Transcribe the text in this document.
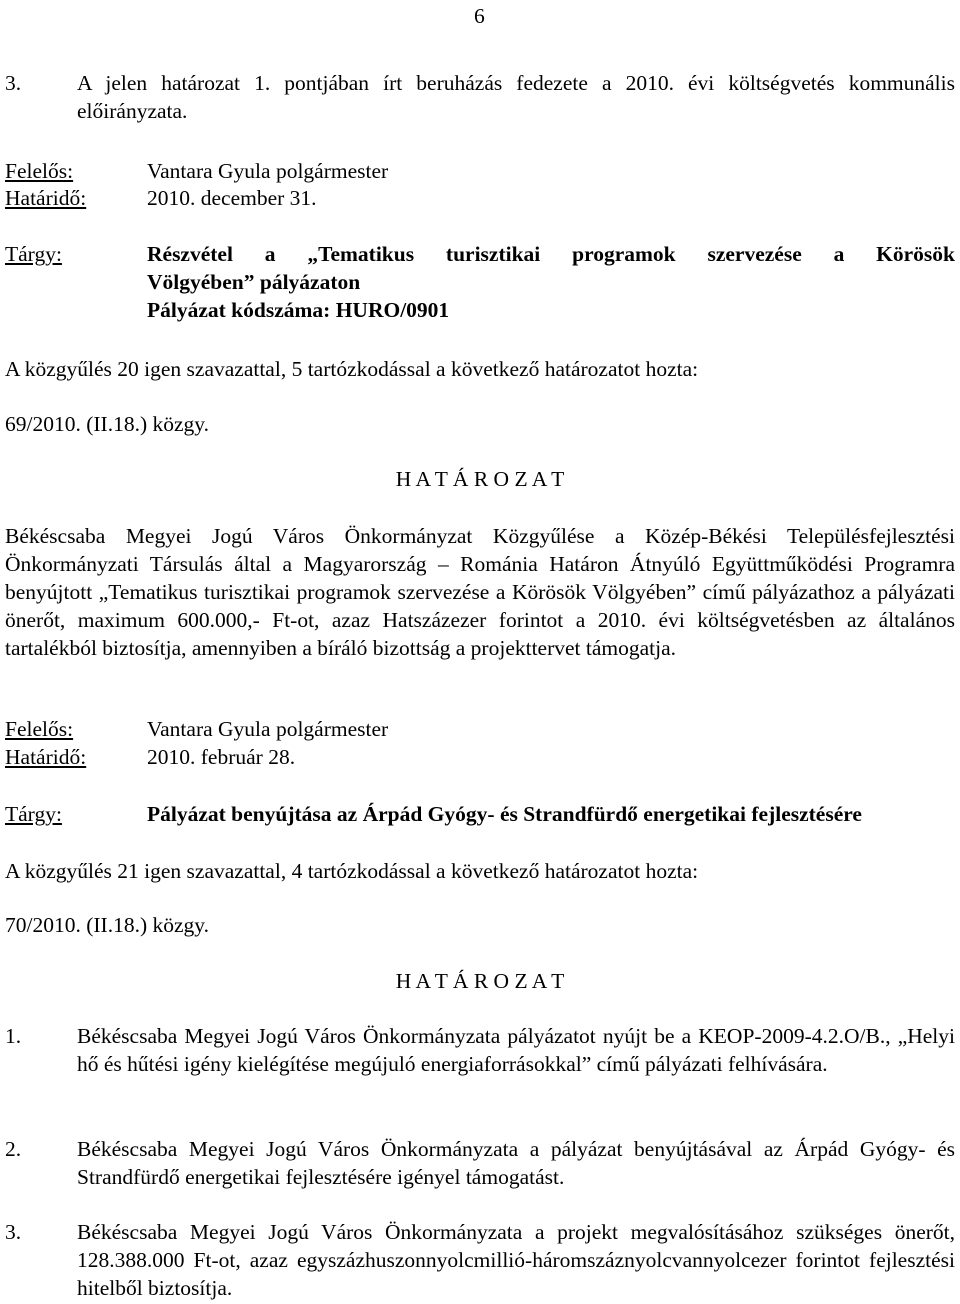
6
3.	A jelen határozat 1. pontjában írt beruházás fedezete a 2010. évi költségvetés kommunális előirányzata.
Felelős:	Vantara Gyula polgármester
Határidő:	2010. december 31.
Tárgy:	Részvétel a „Tematikus turisztikai programok szervezése a Körösök
Völgyében” pályázaton
Pályázat kódszáma: HURO/0901
A közgyűlés 20 igen szavazattal, 5 tartózkodással a következő határozatot hozta:
69/2010. (II.18.) közgy.
H A T Á R O Z A T
Békéscsaba Megyei Jogú Város Önkormányzat Közgyűlése a Közép-Békési Településfejlesztési Önkormányzati Társulás által a Magyarország – Románia Határon Átnyúló Együttműködési Programra benyújtott „Tematikus turisztikai programok szervezése a Körösök Völgyében” című pályázathoz a pályázati önerőt, maximum 600.000,- Ft-ot, azaz Hatszázezer forintot a 2010. évi költségvetésben az általános tartalékból biztosítja, amennyiben a bíráló bizottság a projekttervet támogatja.
Felelős:	Vantara Gyula polgármester
Határidő:	2010. február 28.
Tárgy:	Pályázat benyújtása az Árpád Gyógy- és Strandfürdő energetikai fejlesztésére
A közgyűlés 21 igen szavazattal, 4 tartózkodással a következő határozatot hozta:
70/2010. (II.18.) közgy.
H A T Á R O Z A T
1.	Békéscsaba Megyei Jogú Város Önkormányzata pályázatot nyújt be a KEOP-2009-4.2.O/B., „Helyi hő és hűtési igény kielégítése megújuló energiaforrásokkal” című pályázati felhívására.
2.	Békéscsaba Megyei Jogú Város Önkormányzata a pályázat benyújtásával az Árpád Gyógy- és Strandfürdő energetikai fejlesztésére igényel támogatást.
3.	Békéscsaba Megyei Jogú Város Önkormányzata a projekt megvalósításához szükséges önerőt, 128.388.000 Ft-ot, azaz egyszázhuszonnyolcmillió-háromszáznyolcvannyolcezer forintot fejlesztési hitelből biztosítja.
